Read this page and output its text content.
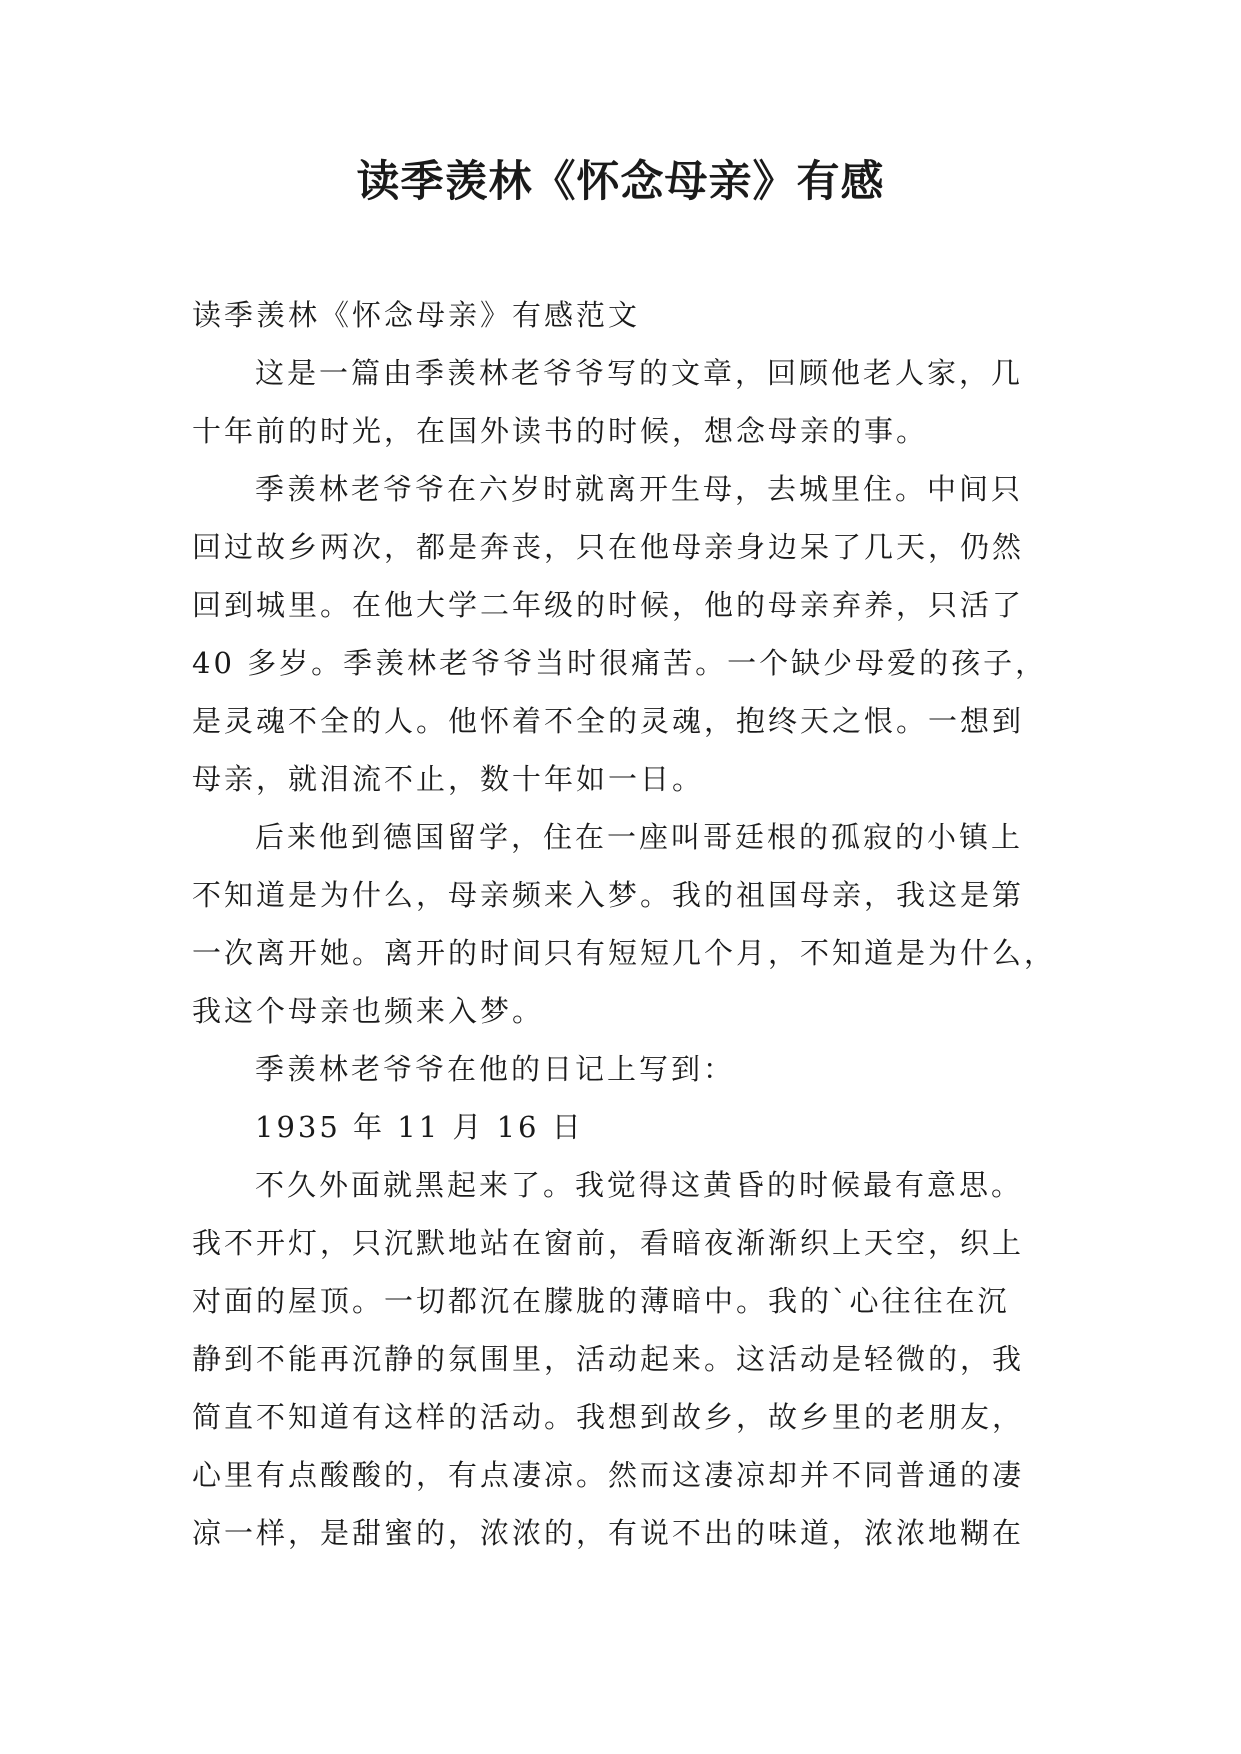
读季羡林《怀念母亲》有感
读季羡林《怀念母亲》有感范文
这是一篇由季羡林老爷爷写的文章，回顾他老人家，几
十年前的时光，在国外读书的时候，想念母亲的事。
季羡林老爷爷在六岁时就离开生母，去城里住。中间只
回过故乡两次，都是奔丧，只在他母亲身边呆了几天，仍然
回到城里。在他大学二年级的时候，他的母亲弃养，只活了
40 多岁。季羡林老爷爷当时很痛苦。一个缺少母爱的孩子，
是灵魂不全的人。他怀着不全的灵魂，抱终天之恨。一想到
母亲，就泪流不止，数十年如一日。
后来他到德国留学，住在一座叫哥廷根的孤寂的小镇上
不知道是为什么，母亲频来入梦。我的祖国母亲，我这是第
一次离开她。离开的时间只有短短几个月，不知道是为什么，
我这个母亲也频来入梦。
季羡林老爷爷在他的日记上写到：
1935 年 11 月 16 日
不久外面就黑起来了。我觉得这黄昏的时候最有意思。
我不开灯，只沉默地站在窗前，看暗夜渐渐织上天空，织上
对面的屋顶。一切都沉在朦胧的薄暗中。我的`心往往在沉
静到不能再沉静的氛围里，活动起来。这活动是轻微的，我
简直不知道有这样的活动。我想到故乡，故乡里的老朋友，
心里有点酸酸的，有点凄凉。然而这凄凉却并不同普通的凄
凉一样，是甜蜜的，浓浓的，有说不出的味道，浓浓地糊在
